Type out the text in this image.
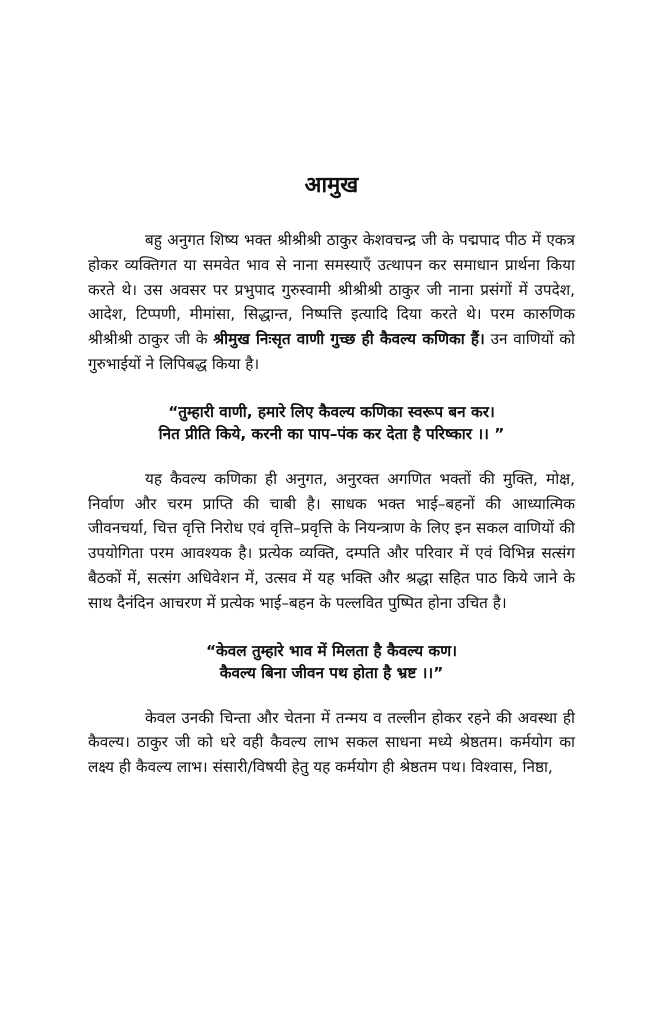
आमुख

बहु अनुगत शिष्य भक्त श्रीश्रीश्री ठाकुर केशवचन्द्र जी के पद्मपाद पीठ में एकत्र होकर व्यक्तिगत या समवेत भाव से नाना समस्याएँ उत्थापन कर समाधान प्रार्थना किया करते थे। उस अवसर पर प्रभुपाद गुरुस्वामी श्रीश्रीश्री ठाकुर जी नाना प्रसंगों में उपदेश, आदेश, टिप्पणी, मीमांसा, सिद्धान्त, निष्पत्ति इत्यादि दिया करते थे। परम कारुणिक श्रीश्रीश्री ठाकुर जी के श्रीमुख निःसृत वाणी गुच्छ ही कैवल्य कणिका हैं। उन वाणियों को गुरुभाईयों ने लिपिबद्ध किया है।

“तुम्हारी वाणी, हमारे लिए कैवल्य कणिका स्वरूप बन कर।
नित प्रीति किये, करनी का पाप–पंक कर देता है परिष्कार ।। ”

यह कैवल्य कणिका ही अनुगत, अनुरक्त अगणित भक्तों की मुक्ति, मोक्ष, निर्वाण और चरम प्राप्ति की चाबी है। साधक भक्त भाई–बहनों की आध्यात्मिक जीवनचर्या, चित्त वृत्ति निरोध एवं वृत्ति–प्रवृत्ति के नियन्त्राण के लिए इन सकल वाणियों की उपयोगिता परम आवश्यक है। प्रत्येक व्यक्ति, दम्पति और परिवार में एवं विभिन्न सत्संग बैठकों में, सत्संग अधिवेशन में, उत्सव में यह भक्ति और श्रद्धा सहित पाठ किये जाने के साथ दैनंदिन आचरण में प्रत्येक भाई–बहन के पल्लवित पुष्पित होना उचित है।

“केवल तुम्हारे भाव में मिलता है कैवल्य कण।
कैवल्य बिना जीवन पथ होता है भ्रष्ट ।।”

केवल उनकी चिन्ता और चेतना में तन्मय व तल्लीन होकर रहने की अवस्था ही कैवल्य। ठाकुर जी को धरे वही कैवल्य लाभ सकल साधना मध्ये श्रेष्ठतम। कर्मयोग का लक्ष्य ही कैवल्य लाभ। संसारी/विषयी हेतु यह कर्मयोग ही श्रेष्ठतम पथ। विश्वास, निष्ठा,
